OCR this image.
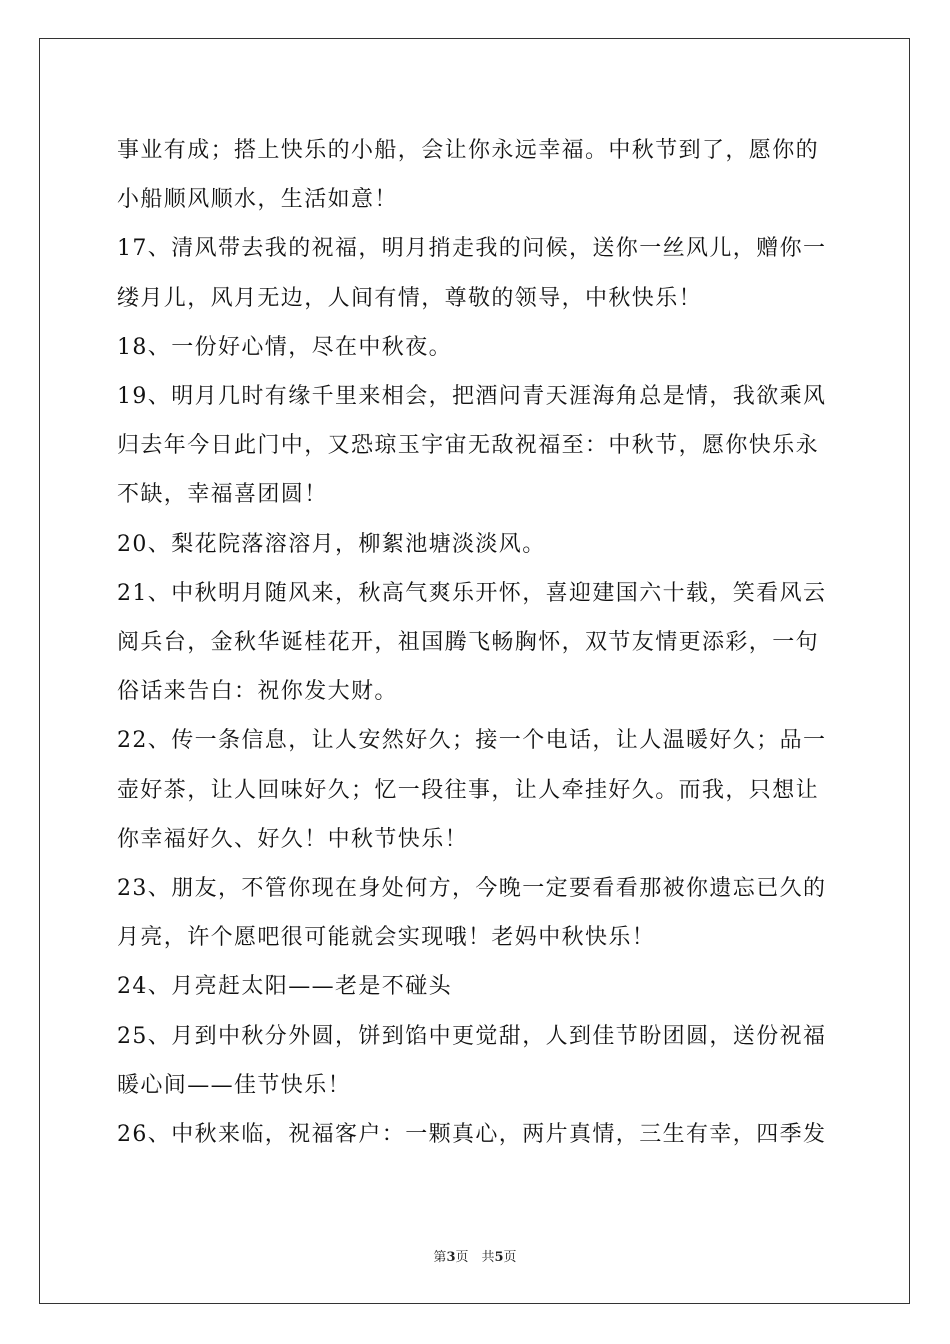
事业有成；搭上快乐的小船，会让你永远幸福。中秋节到了，愿你的
小船顺风顺水，生活如意！

17、清风带去我的祝福，明月捎走我的问候，送你一丝风儿，赠你一
缕月儿，风月无边，人间有情，尊敬的领导，中秋快乐！

18、一份好心情，尽在中秋夜。

19、明月几时有缘千里来相会，把酒问青天涯海角总是情，我欲乘风
归去年今日此门中，又恐琼玉宇宙无敌祝福至：中秋节，愿你快乐永
不缺，幸福喜团圆！

20、梨花院落溶溶月，柳絮池塘淡淡风。

21、中秋明月随风来，秋高气爽乐开怀，喜迎建国六十载，笑看风云
阅兵台，金秋华诞桂花开，祖国腾飞畅胸怀，双节友情更添彩，一句
俗话来告白：祝你发大财。

22、传一条信息，让人安然好久；接一个电话，让人温暖好久；品一
壶好茶，让人回味好久；忆一段往事，让人牵挂好久。而我，只想让
你幸福好久、好久！中秋节快乐！

23、朋友，不管你现在身处何方，今晚一定要看看那被你遗忘已久的
月亮，许个愿吧很可能就会实现哦！老妈中秋快乐！

24、月亮赶太阳——老是不碰头

25、月到中秋分外圆，饼到馅中更觉甜，人到佳节盼团圆，送份祝福
暖心间——佳节快乐！

26、中秋来临，祝福客户：一颗真心，两片真情，三生有幸，四季发

第3页　共5页
